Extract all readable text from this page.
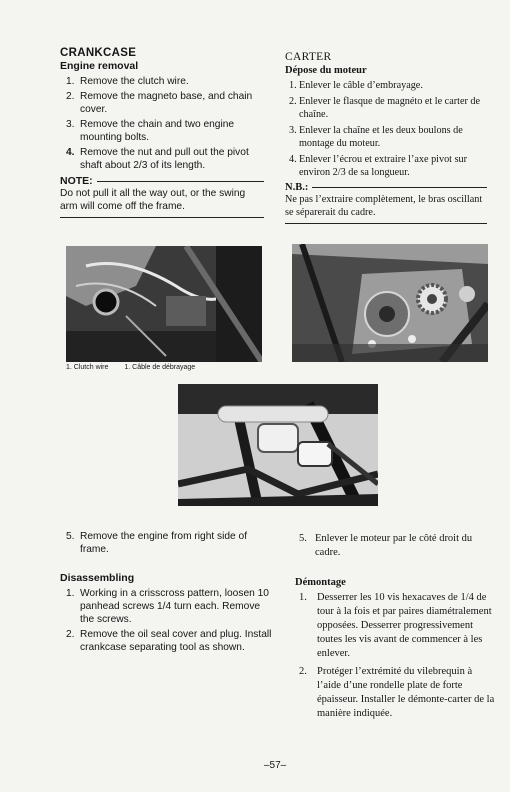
CRANKCASE
Engine removal
1. Remove the clutch wire.
2. Remove the magneto base, and chain cover.
3. Remove the chain and two engine mounting bolts.
4. Remove the nut and pull out the pivot shaft about 2/3 of its length.
NOTE:
Do not pull it all the way out, or the swing arm will come off the frame.
CARTER
Dépose du moteur
1. Enlever le câble d’embrayage.
2. Enlever le flasque de magnéto et le carter de chaîne.
3. Enlever la chaîne et les deux boulons de montage du moteur.
4. Enlever l’écrou et extraire l’axe pivot sur environ 2/3 de sa longueur.
N.B.:
Ne pas l’extraire complètement, le bras oscillant se séparerait du cadre.
1. Clutch wire 1. Câble de débrayage
5. Remove the engine from right side of frame.
Disassembling
1. Working in a crisscross pattern, loosen 10 panhead screws 1/4 turn each. Remove the screws.
2. Remove the oil seal cover and plug. Install crankcase separating tool as shown.
5. Enlever le moteur par le côté droit du cadre.
Démontage
1. Desserrer les 10 vis hexacaves de 1/4 de tour à la fois et par paires diamétralement opposées. Desserrer progressivement toutes les vis avant de commencer à les enlever.
2. Protéger l’extrémité du vilebrequin à l’aide d’une rondelle plate de forte épaisseur. Installer le démonte-carter de la manière indiquée.
–57–
